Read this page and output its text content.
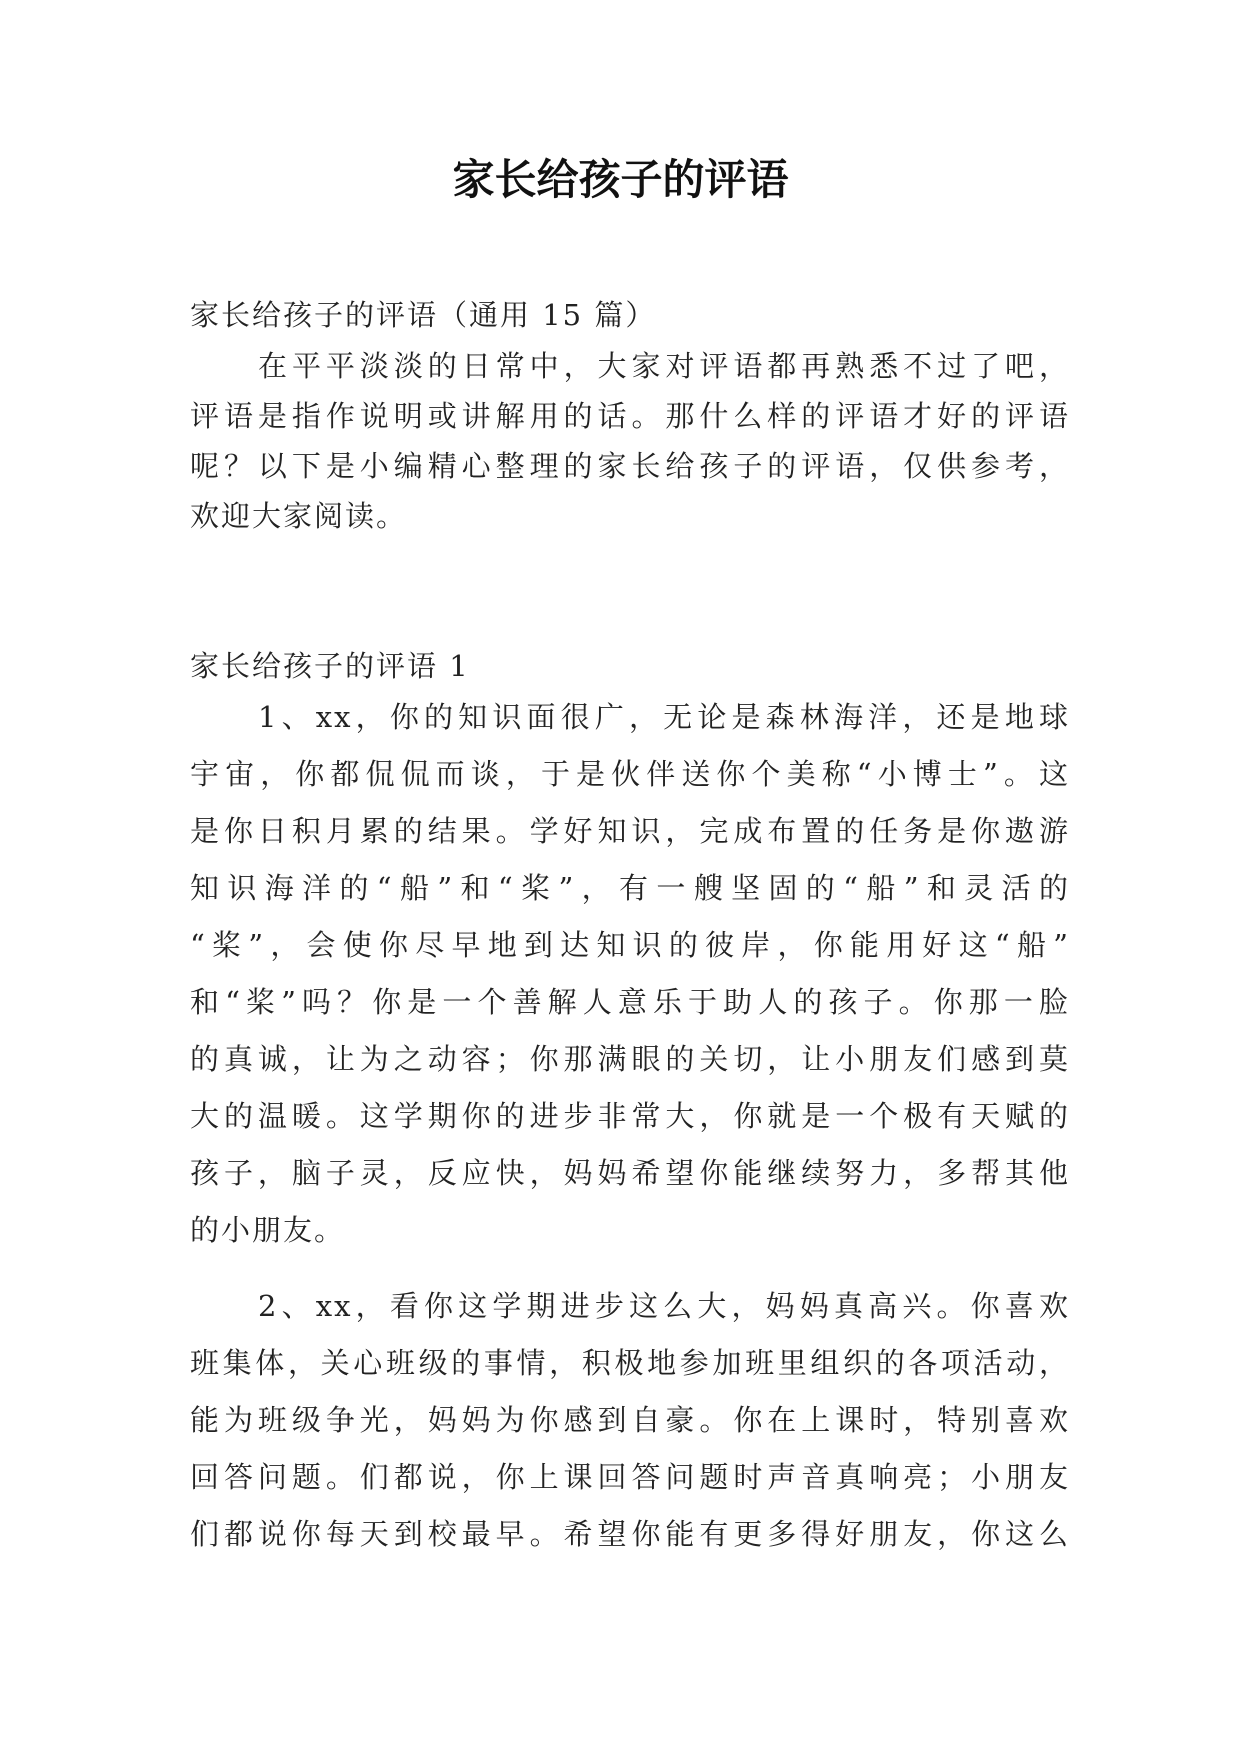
家长给孩子的评语
家长给孩子的评语（通用 15 篇）
在平平淡淡的日常中，大家对评语都再熟悉不过了吧，
评语是指作说明或讲解用的话。那什么样的评语才好的评语
呢？以下是小编精心整理的家长给孩子的评语，仅供参考，
欢迎大家阅读。
家长给孩子的评语 1
1、xx，你的知识面很广，无论是森林海洋，还是地球
宇宙，你都侃侃而谈，于是伙伴送你个美称“小博士”。这
是你日积月累的结果。学好知识，完成布置的任务是你遨游
知识海洋的“船”和“桨”，有一艘坚固的“船”和灵活的
“桨”，会使你尽早地到达知识的彼岸，你能用好这“船”
和“桨”吗？你是一个善解人意乐于助人的孩子。你那一脸
的真诚，让为之动容；你那满眼的关切，让小朋友们感到莫
大的温暖。这学期你的进步非常大，你就是一个极有天赋的
孩子，脑子灵，反应快，妈妈希望你能继续努力，多帮其他
的小朋友。
2、xx，看你这学期进步这么大，妈妈真高兴。你喜欢
班集体，关心班级的事情，积极地参加班里组织的各项活动，
能为班级争光，妈妈为你感到自豪。你在上课时，特别喜欢
回答问题。们都说，你上课回答问题时声音真响亮；小朋友
们都说你每天到校最早。希望你能有更多得好朋友，你这么
